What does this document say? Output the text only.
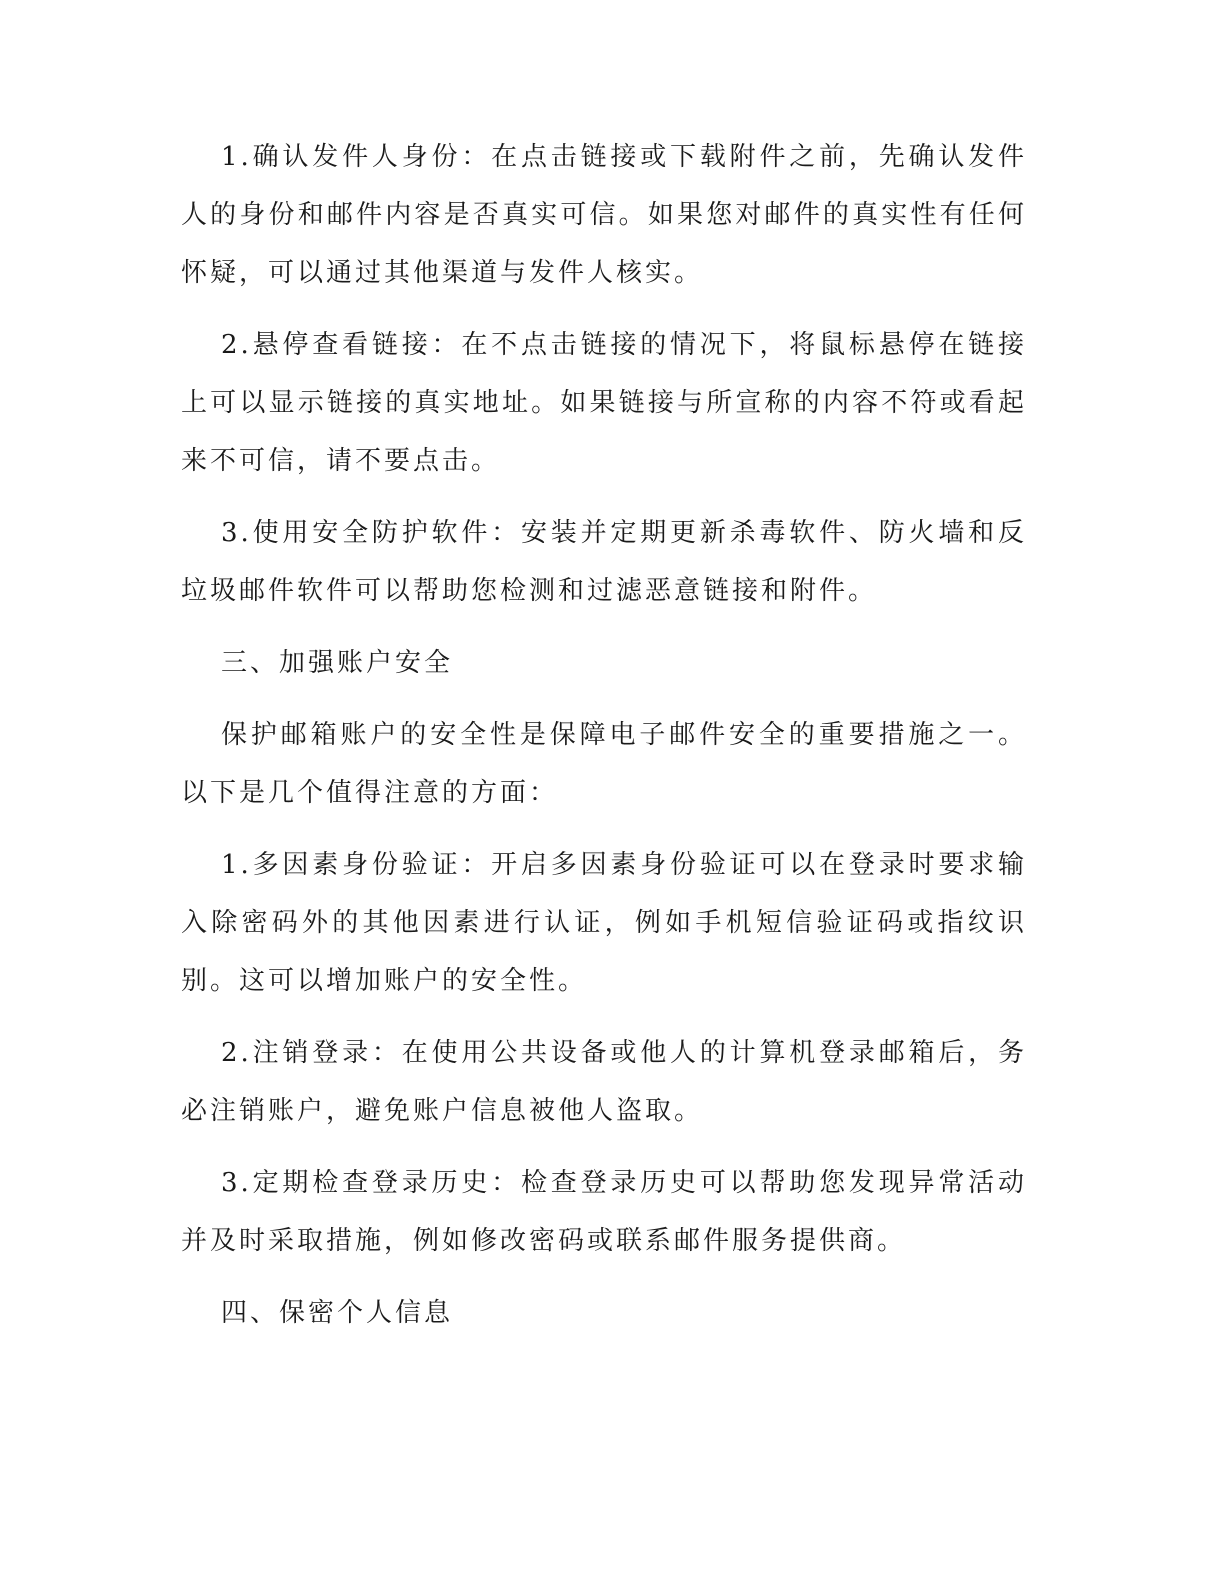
1.确认发件人身份：在点击链接或下载附件之前，先确认发件人的身份和邮件内容是否真实可信。如果您对邮件的真实性有任何怀疑，可以通过其他渠道与发件人核实。

2.悬停查看链接：在不点击链接的情况下，将鼠标悬停在链接上可以显示链接的真实地址。如果链接与所宣称的内容不符或看起来不可信，请不要点击。

3.使用安全防护软件：安装并定期更新杀毒软件、防火墙和反垃圾邮件软件可以帮助您检测和过滤恶意链接和附件。

三、加强账户安全

保护邮箱账户的安全性是保障电子邮件安全的重要措施之一。以下是几个值得注意的方面：

1.多因素身份验证：开启多因素身份验证可以在登录时要求输入除密码外的其他因素进行认证，例如手机短信验证码或指纹识别。这可以增加账户的安全性。

2.注销登录：在使用公共设备或他人的计算机登录邮箱后，务必注销账户，避免账户信息被他人盗取。

3.定期检查登录历史：检查登录历史可以帮助您发现异常活动并及时采取措施，例如修改密码或联系邮件服务提供商。

四、保密个人信息
